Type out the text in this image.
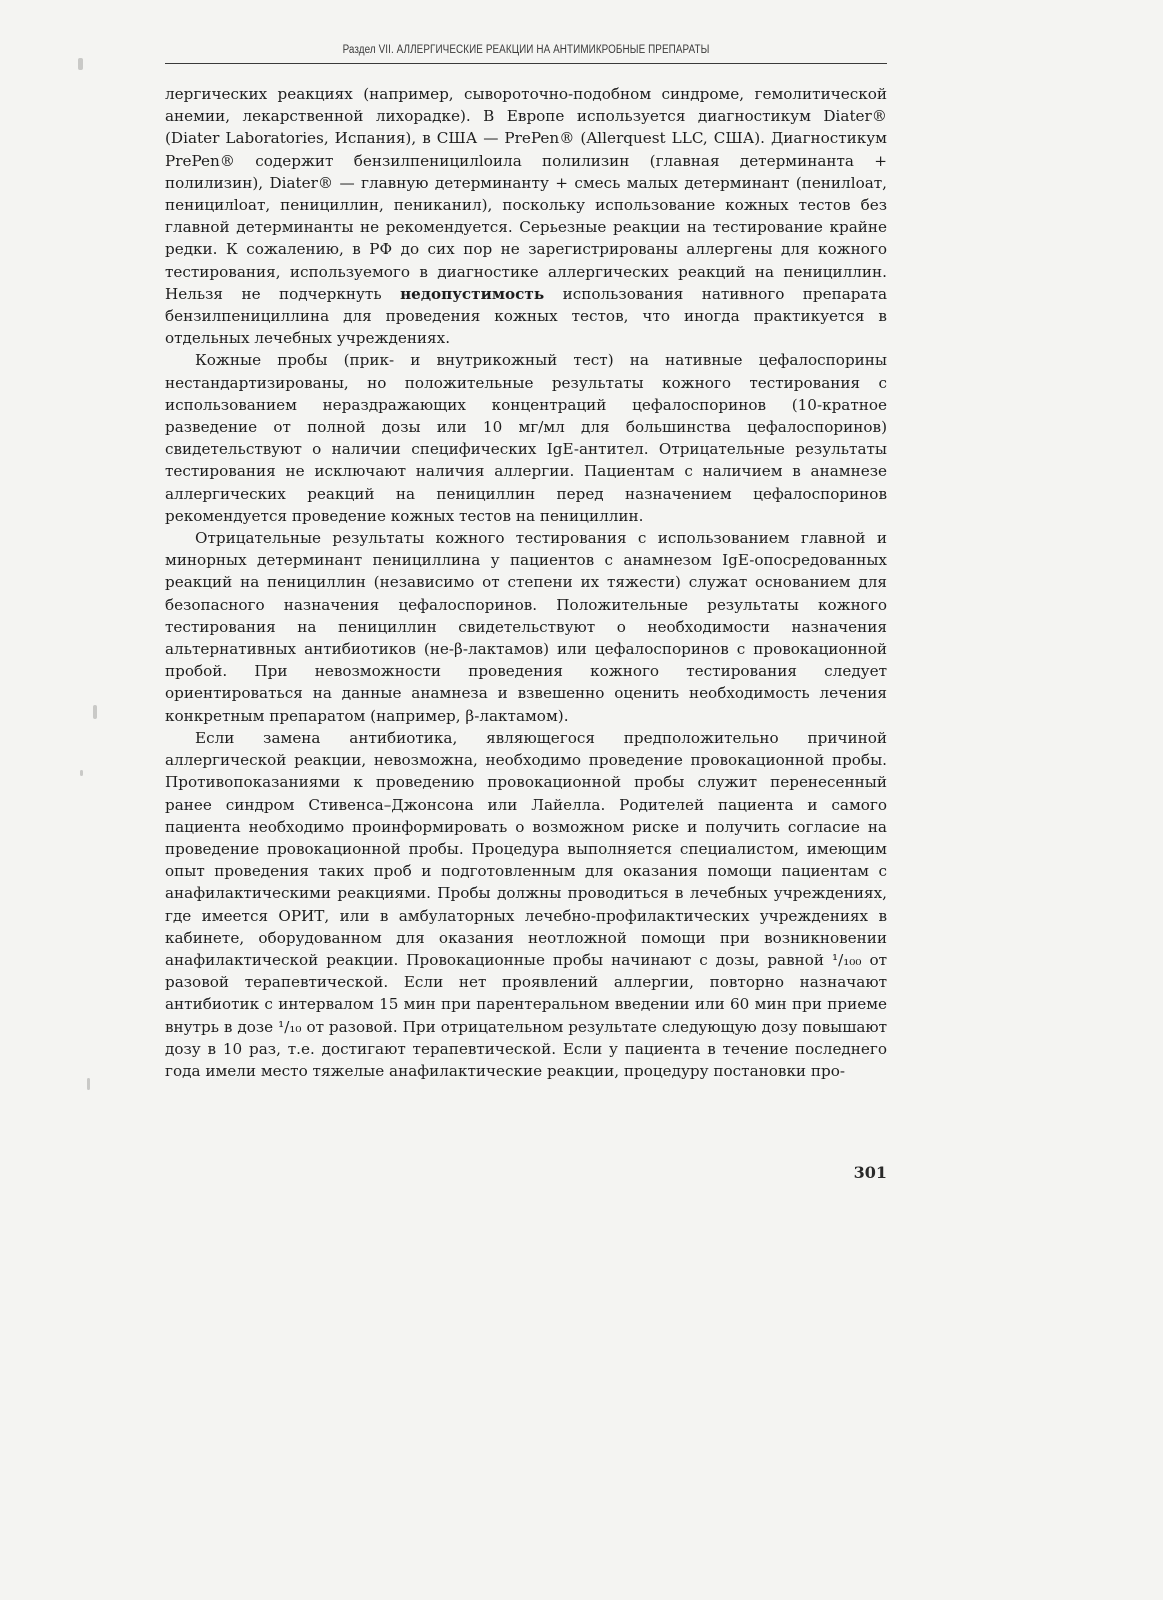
Раздел VII. АЛЛЕРГИЧЕСКИЕ РЕАКЦИИ НА АНТИМИКРОБНЫЕ ПРЕПАРАТЫ

лергических реакциях (например, сывороточно-подобном синдроме, гемолитической анемии, лекарственной лихорадке). В Европе используется диагностикум Diater® (Diater Laboratories, Испания), в США — PrePen® (Allerquest LLC, США). Диагностикум PrePen® содержит бензилпеницилloила полилизин (главная детерминанта + полилизин), Diater® — главную детерминанту + смесь малых детерминант (пенилloат, пеницилloат, пенициллин, пениканил), поскольку использование кожных тестов без главной детерминанты не рекомендуется. Серьезные реакции на тестирование крайне редки. К сожалению, в РФ до сих пор не зарегистрированы аллергены для кожного тестирования, используемого в диагностике аллергических реакций на пенициллин. Нельзя не подчеркнуть недопустимость использования нативного препарата бензилпенициллина для проведения кожных тестов, что иногда практикуется в отдельных лечебных учреждениях.

Кожные пробы (прик- и внутрикожный тест) на нативные цефалоспорины нестандартизированы, но положительные результаты кожного тестирования с использованием нераздражающих концентраций цефалоспоринов (10-кратное разведение от полной дозы или 10 мг/мл для большинства цефалоспоринов) свидетельствуют о наличии специфических IgE-антител. Отрицательные результаты тестирования не исключают наличия аллергии. Пациентам с наличием в анамнезе аллергических реакций на пенициллин перед назначением цефалоспоринов рекомендуется проведение кожных тестов на пенициллин.

Отрицательные результаты кожного тестирования с использованием главной и минорных детерминант пенициллина у пациентов с анамнезом IgE-опосредованных реакций на пенициллин (независимо от степени их тяжести) служат основанием для безопасного назначения цефалоспоринов. Положительные результаты кожного тестирования на пенициллин свидетельствуют о необходимости назначения альтернативных антибиотиков (не-β-лактамов) или цефалоспоринов с провокационной пробой. При невозможности проведения кожного тестирования следует ориентироваться на данные анамнеза и взвешенно оценить необходимость лечения конкретным препаратом (например, β-лактамом).

Если замена антибиотика, являющегося предположительно причиной аллергической реакции, невозможна, необходимо проведение провокационной пробы. Противопоказаниями к проведению провокационной пробы служит перенесенный ранее синдром Стивенса–Джонсона или Лайелла. Родителей пациента и самого пациента необходимо проинформировать о возможном риске и получить согласие на проведение провокационной пробы. Процедура выполняется специалистом, имеющим опыт проведения таких проб и подготовленным для оказания помощи пациентам с анафилактическими реакциями. Пробы должны проводиться в лечебных учреждениях, где имеется ОРИТ, или в амбулаторных лечебно-профилактических учреждениях в кабинете, оборудованном для оказания неотложной помощи при возникновении анафилактической реакции. Провокационные пробы начинают с дозы, равной ¹/₁₀₀ от разовой терапевтической. Если нет проявлений аллергии, повторно назначают антибиотик с интервалом 15 мин при парентеральном введении или 60 мин при приеме внутрь в дозе ¹/₁₀ от разовой. При отрицательном результате следующую дозу повышают дозу в 10 раз, т.е. достигают терапевтической. Если у пациента в течение последнего года имели место тяжелые анафилактические реакции, процедуру постановки про-

301
